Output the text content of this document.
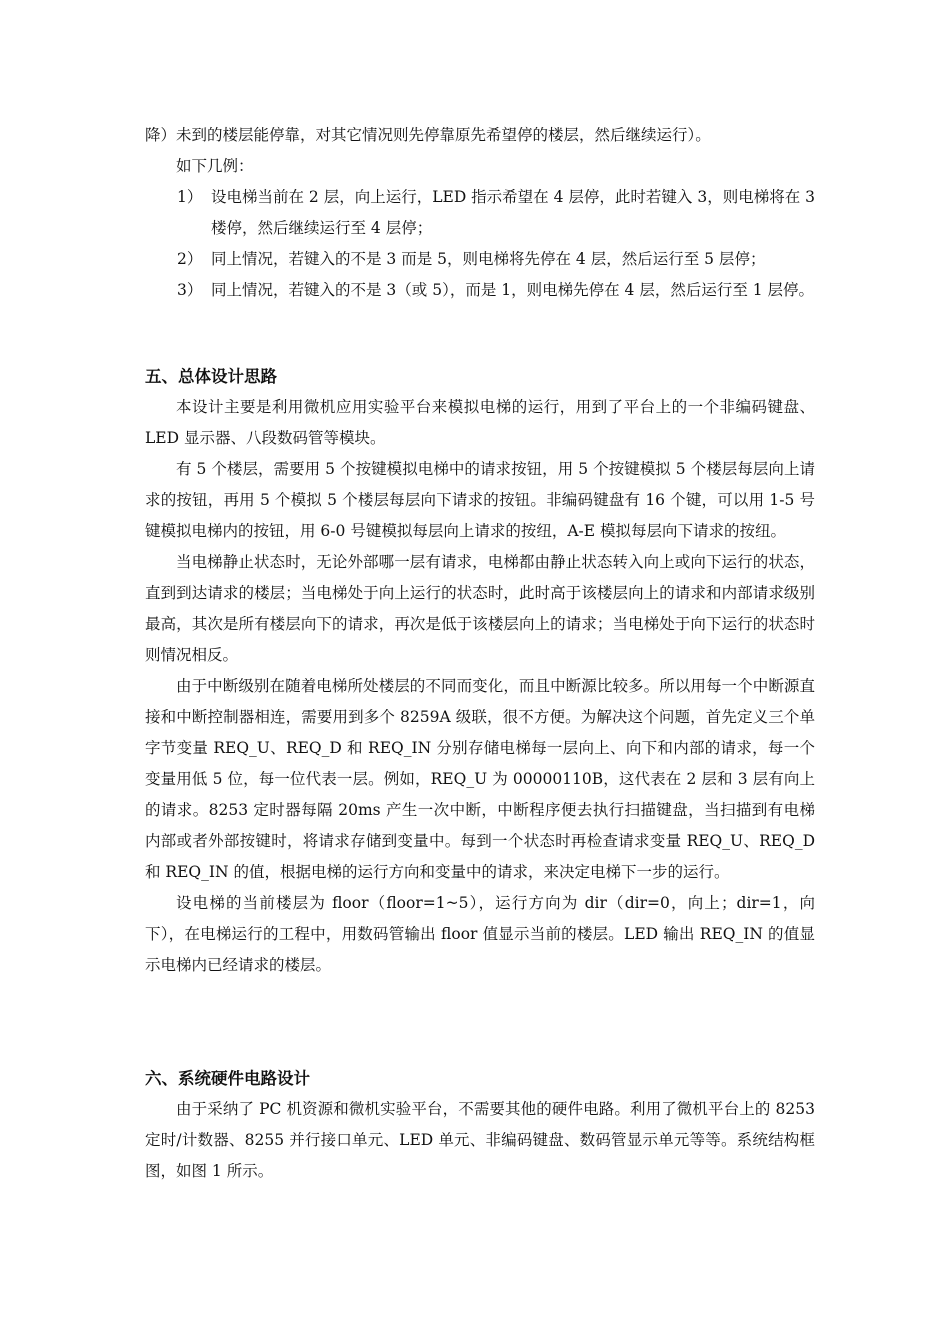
降）未到的楼层能停靠，对其它情况则先停靠原先希望停的楼层，然后继续运行）。

如下几例：

1） 设电梯当前在 2 层，向上运行，LED 指示希望在 4 层停，此时若键入 3，则电梯将在 3 楼停，然后继续运行至 4 层停；
2） 同上情况，若键入的不是 3 而是 5，则电梯将先停在 4 层，然后运行至 5 层停；
3） 同上情况，若键入的不是 3（或 5），而是 1，则电梯先停在 4 层，然后运行至 1 层停。
五、总体设计思路

本设计主要是利用微机应用实验平台来模拟电梯的运行，用到了平台上的一个非编码键盘、LED 显示器、八段数码管等模块。

有 5 个楼层，需要用 5 个按键模拟电梯中的请求按钮，用 5 个按键模拟 5 个楼层每层向上请求的按钮，再用 5 个模拟 5 个楼层每层向下请求的按钮。非编码键盘有 16 个键，可以用 1-5 号键模拟电梯内的按钮，用 6-0 号键模拟每层向上请求的按纽，A-E 模拟每层向下请求的按纽。

当电梯静止状态时，无论外部哪一层有请求，电梯都由静止状态转入向上或向下运行的状态，直到到达请求的楼层；当电梯处于向上运行的状态时，此时高于该楼层向上的请求和内部请求级别最高，其次是所有楼层向下的请求，再次是低于该楼层向上的请求；当电梯处于向下运行的状态时则情况相反。

由于中断级别在随着电梯所处楼层的不同而变化，而且中断源比较多。所以用每一个中断源直接和中断控制器相连，需要用到多个 8259A 级联，很不方便。为解决这个问题，首先定义三个单字节变量 REQ_U、REQ_D 和 REQ_IN 分别存储电梯每一层向上、向下和内部的请求，每一个变量用低 5 位，每一位代表一层。例如，REQ_U 为 00000110B，这代表在 2 层和 3 层有向上的请求。8253 定时器每隔 20ms 产生一次中断，中断程序便去执行扫描键盘，当扫描到有电梯内部或者外部按键时，将请求存储到变量中。每到一个状态时再检查请求变量 REQ_U、REQ_D 和 REQ_IN 的值，根据电梯的运行方向和变量中的请求，来决定电梯下一步的运行。

设电梯的当前楼层为 floor（floor=1~5），运行方向为 dir（dir=0，向上；dir=1，向下），在电梯运行的工程中，用数码管输出 floor 值显示当前的楼层。LED 输出 REQ_IN 的值显示电梯内已经请求的楼层。

六、系统硬件电路设计

由于采纳了 PC 机资源和微机实验平台，不需要其他的硬件电路。利用了微机平台上的 8253 定时/计数器、8255 并行接口单元、LED 单元、非编码键盘、数码管显示单元等等。系统结构框图，如图 1 所示。
